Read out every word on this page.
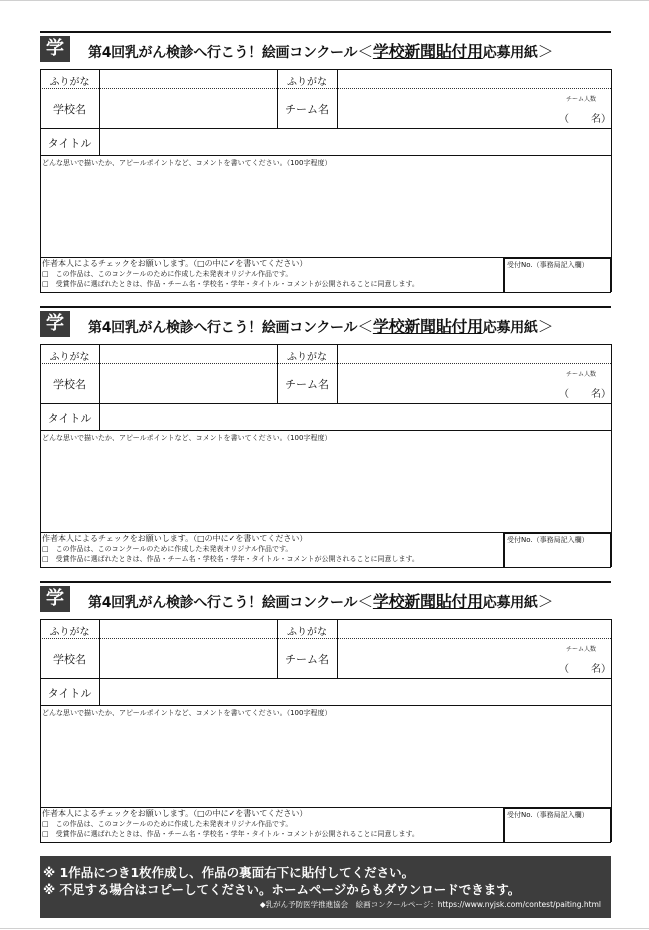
学	第4回乳がん検診へ行こう！絵画コンクール＜学校新聞貼付用応募用紙＞
ふりがな	ふりがな
学校名	チーム名
チーム人数
（ 名）
タイトル
どんな思いで描いたか、アピールポイントなど、コメントを書いてください。（100字程度）
作者本人によるチェックをお願いします。（□の中に✓を書いてください）
□　この作品は、このコンクールのために作成した未発表オリジナル作品です。
□　受賞作品に選ばれたときは、作品・チーム名・学校名・学年・タイトル・コメントが公開されることに同意します。
受付No.（事務局記入欄）
学	第4回乳がん検診へ行こう！絵画コンクール＜学校新聞貼付用応募用紙＞
ふりがな	ふりがな
学校名	チーム名
チーム人数
（ 名）
タイトル
どんな思いで描いたか、アピールポイントなど、コメントを書いてください。（100字程度）
作者本人によるチェックをお願いします。（□の中に✓を書いてください）
□　この作品は、このコンクールのために作成した未発表オリジナル作品です。
□　受賞作品に選ばれたときは、作品・チーム名・学校名・学年・タイトル・コメントが公開されることに同意します。
受付No.（事務局記入欄）
学	第4回乳がん検診へ行こう！絵画コンクール＜学校新聞貼付用応募用紙＞
ふりがな	ふりがな
学校名	チーム名
チーム人数
（ 名）
タイトル
どんな思いで描いたか、アピールポイントなど、コメントを書いてください。（100字程度）
作者本人によるチェックをお願いします。（□の中に✓を書いてください）
□　この作品は、このコンクールのために作成した未発表オリジナル作品です。
□　受賞作品に選ばれたときは、作品・チーム名・学校名・学年・タイトル・コメントが公開されることに同意します。
受付No.（事務局記入欄）
※ 1作品につき1枚作成し、作品の裏面右下に貼付してください。
※ 不足する場合はコピーしてください。ホームページからもダウンロードできます。
◆乳がん予防医学推進協会　絵画コンクールページ：https://www.nyjsk.com/contest/paiting.html
